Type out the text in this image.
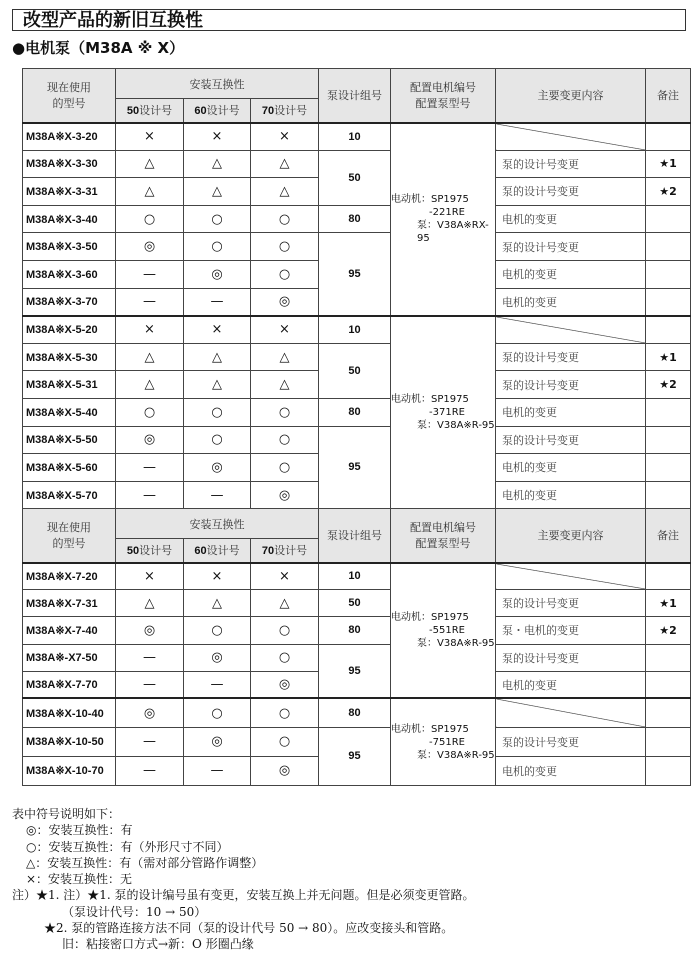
改型产品的新旧互换性
●电机泵（M38A ※ X）
现在使用
的型号	安装互换性			泵设计组号	配置电机编号
配置泵型号	主要变更内容	备注
	50设计号	60设计号	70设计号				
M38A※X-3-20	×	×	×	10	电动机：SP1975
-221RE
泵：V38A※RX-95		

M38A※X-3-30	△	△	△	50		泵的设计号变更	★1
M38A※X-3-31	△	△	△			泵的设计号变更	★2
M38A※X-3-40	○	○	○	80		电机的变更	
M38A※X-3-50	◎	○	○	95		泵的设计号变更	
M38A※X-3-60	—	◎	○			电机的变更	
M38A※X-3-70	—	—	◎			电机的变更	
M38A※X-5-20	×	×	×	10	电动机：SP1975
-371RE
泵：V38A※R-95		

M38A※X-5-30	△	△	△	50		泵的设计号变更	★1
M38A※X-5-31	△	△	△			泵的设计号变更	★2
M38A※X-5-40	○	○	○	80		电机的变更	
M38A※X-5-50	◎	○	○	95		泵的设计号变更	
M38A※X-5-60	—	◎	○			电机的变更	
M38A※X-5-70	—	—	◎			电机的变更	
现在使用
的型号	安装互换性			泵设计组号	配置电机编号
配置泵型号	主要变更内容	备注
	50设计号	60设计号	70设计号				
M38A※X-7-20	×	×	×	10	电动机：SP1975
-551RE
泵：V38A※R-95		

M38A※X-7-31	△	△	△	50		泵的设计号变更	★1
M38A※X-7-40	◎	○	○	80		泵・电机的变更	★2
M38A※-X7-50	—	◎	○	95		泵的设计号变更	
M38A※X-7-70	—	—	◎			电机的变更	
M38A※X-10-40	◎	○	○	80	电动机：SP1975
-751RE
泵：V38A※R-95		

M38A※X-10-50	—	◎	○	95		泵的设计号变更	
M38A※X-10-70	—	—	◎			电机的变更	
表中符号说明如下：
◎：安装互换性：有
○：安装互换性：有（外形尺寸不同）
△：安装互换性：有（需对部分管路作调整）
×：安装互换性：无
注）★1. 注）★1. 泵的设计编号虽有变更，安装互换上并无问题。但是必须变更管路。
（泵设计代号：10 → 50）
★2. 泵的管路连接方法不同（泵的设计代号 50 → 80）。应改变接头和管路。
旧：粘接密口方式→新：O 形圈凸缘
